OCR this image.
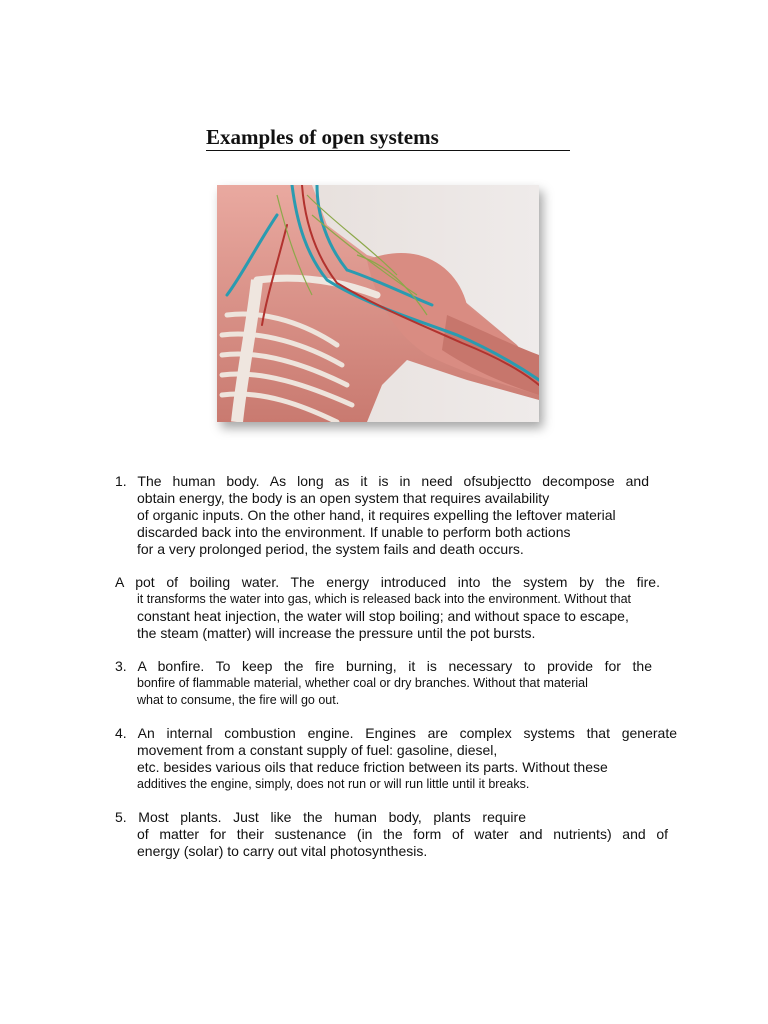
Examples of open systems
1. The human body. As long as it is in need ofsubjectto decompose and
obtain energy, the body is an open system that requires availability
of organic inputs. On the other hand, it requires expelling the leftover material
discarded back into the environment. If unable to perform both actions
for a very prolonged period, the system fails and death occurs.
A pot of boiling water. The energy introduced into the system by the fire.
it transforms the water into gas, which is released back into the environment. Without that
constant heat injection, the water will stop boiling; and without space to escape,
the steam (matter) will increase the pressure until the pot bursts.
3. A bonfire. To keep the fire burning, it is necessary to provide for the
bonfire of flammable material, whether coal or dry branches. Without that material
what to consume, the fire will go out.
4. An internal combustion engine. Engines are complex systems that generate
movement from a constant supply of fuel: gasoline, diesel,
etc. besides various oils that reduce friction between its parts. Without these
additives the engine, simply, does not run or will run little until it breaks.
5. Most plants. Just like the human body, plants require
of matter for their sustenance (in the form of water and nutrients) and of
energy (solar) to carry out vital photosynthesis.
